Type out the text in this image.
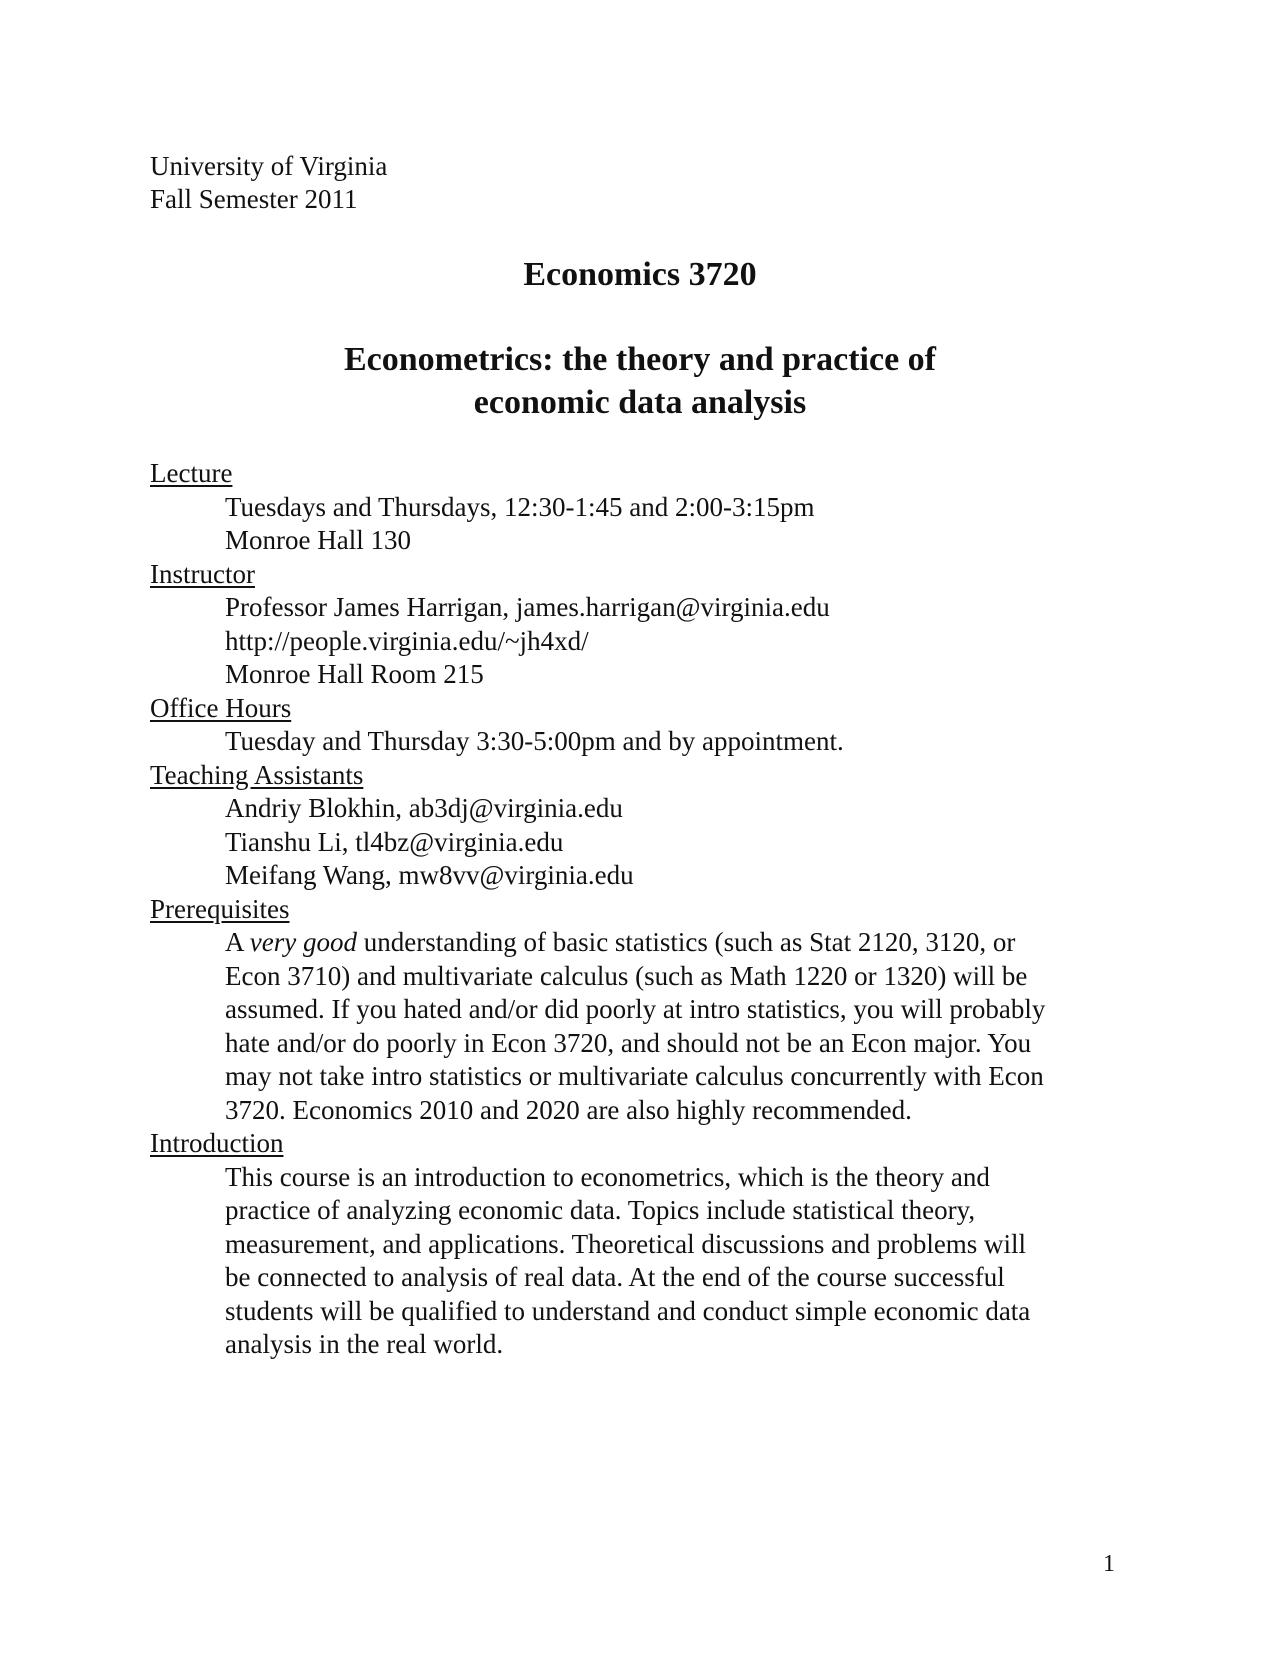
University of Virginia
Fall Semester 2011
Economics 3720
Econometrics: the theory and practice of
economic data analysis
Lecture
Tuesdays and Thursdays, 12:30-1:45 and 2:00-3:15pm
Monroe Hall 130
Instructor
Professor James Harrigan, james.harrigan@virginia.edu
http://people.virginia.edu/~jh4xd/
Monroe Hall Room 215
Office Hours
Tuesday and Thursday 3:30-5:00pm and by appointment.
Teaching Assistants
Andriy Blokhin, ab3dj@virginia.edu
Tianshu Li, tl4bz@virginia.edu
Meifang Wang, mw8vv@virginia.edu
Prerequisites
A very good understanding of basic statistics (such as Stat 2120, 3120, or
Econ 3710) and multivariate calculus (such as Math 1220 or 1320) will be
assumed. If you hated and/or did poorly at intro statistics, you will probably
hate and/or do poorly in Econ 3720, and should not be an Econ major. You
may not take intro statistics or multivariate calculus concurrently with Econ
3720. Economics 2010 and 2020 are also highly recommended.
Introduction
This course is an introduction to econometrics, which is the theory and
practice of analyzing economic data. Topics include statistical theory,
measurement, and applications. Theoretical discussions and problems will
be connected to analysis of real data. At the end of the course successful
students will be qualified to understand and conduct simple economic data
analysis in the real world.
1
